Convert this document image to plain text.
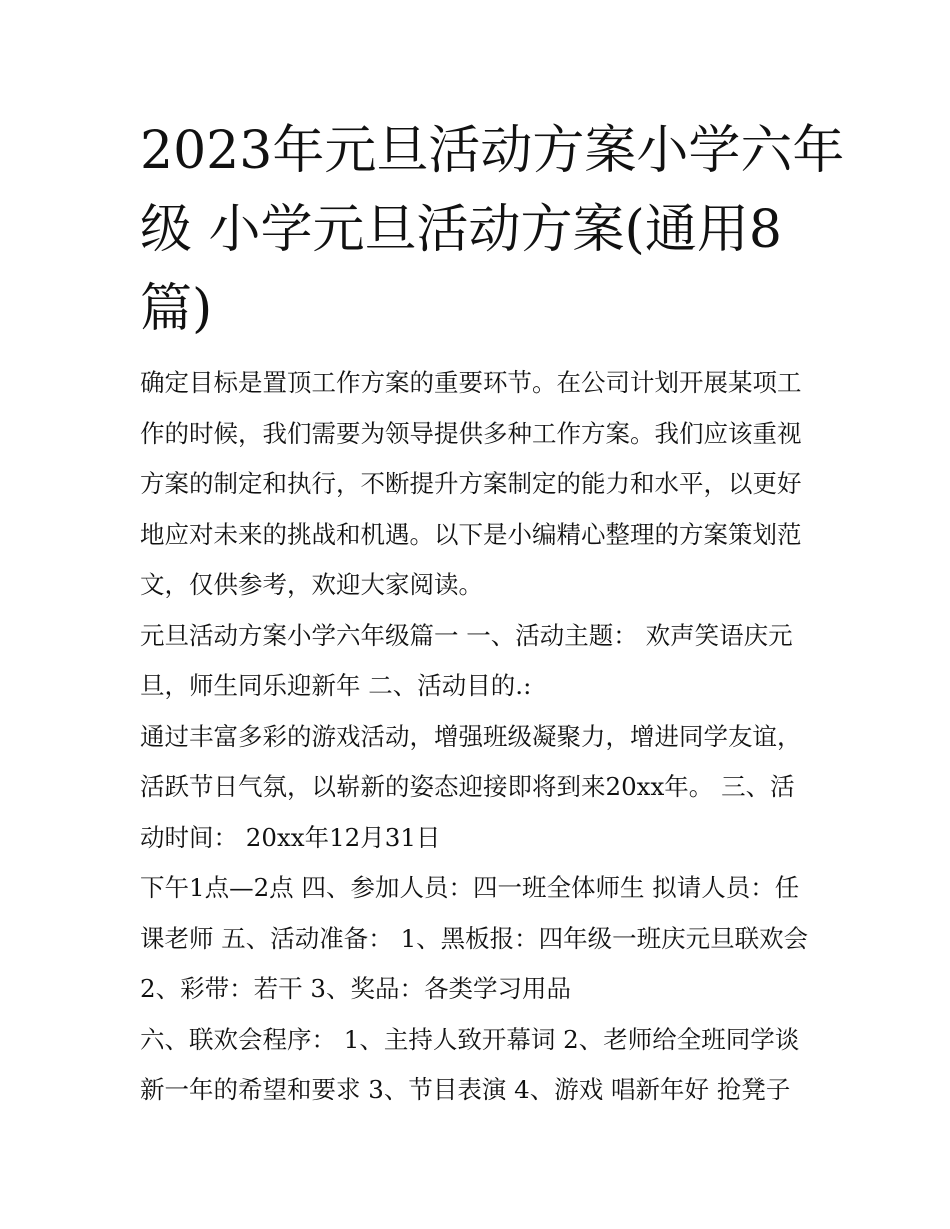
2023年元旦活动方案小学六年
级 小学元旦活动方案(通用8
篇)

确定目标是置顶工作方案的重要环节。在公司计划开展某项工
作的时候，我们需要为领导提供多种工作方案。我们应该重视
方案的制定和执行，不断提升方案制定的能力和水平，以更好
地应对未来的挑战和机遇。以下是小编精心整理的方案策划范
文，仅供参考，欢迎大家阅读。

元旦活动方案小学六年级篇一 一、活动主题： 欢声笑语庆元
旦，师生同乐迎新年 二、活动目的.:

通过丰富多彩的游戏活动，增强班级凝聚力，增进同学友谊，
活跃节日气氛，以崭新的姿态迎接即将到来20xx年。 三、活
动时间： 20xx年12月31日

下午1点—2点 四、参加人员：四一班全体师生 拟请人员：任
课老师 五、活动准备： 1、黑板报：四年级一班庆元旦联欢会
2、彩带：若干 3、奖品：各类学习用品

六、联欢会程序： 1、主持人致开幕词 2、老师给全班同学谈
新一年的希望和要求 3、节目表演 4、游戏 唱新年好 抢凳子
